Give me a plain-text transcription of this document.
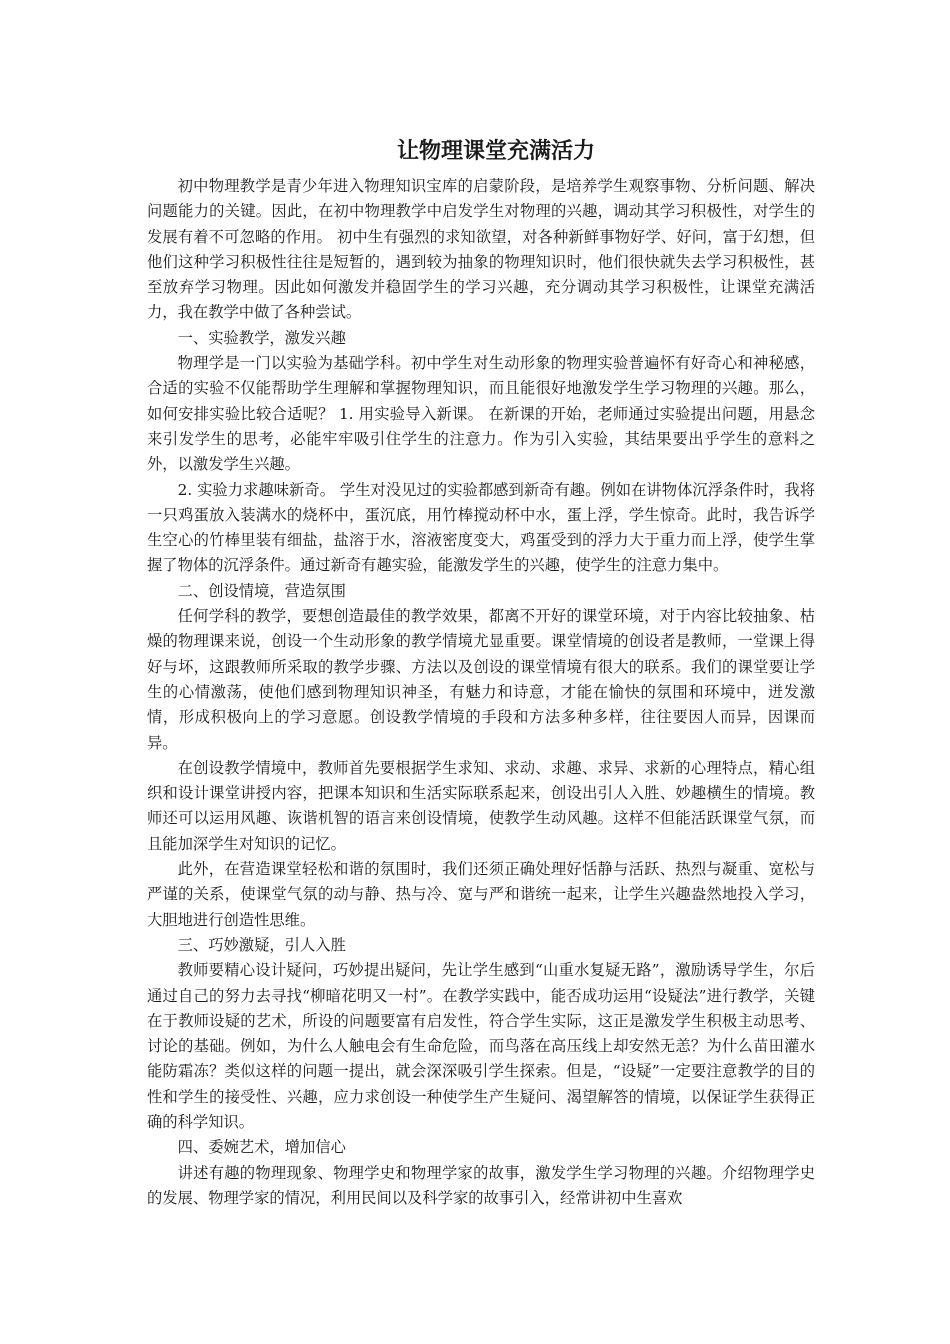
让物理课堂充满活力

初中物理教学是青少年进入物理知识宝库的启蒙阶段，是培养学生观察事物、分析问题、解决问题能力的关键。因此，在初中物理教学中启发学生对物理的兴趣，调动其学习积极性，对学生的发展有着不可忽略的作用。 初中生有强烈的求知欲望，对各种新鲜事物好学、好问，富于幻想，但他们这种学习积极性往往是短暂的，遇到较为抽象的物理知识时，他们很快就失去学习积极性，甚至放弃学习物理。因此如何激发并稳固学生的学习兴趣，充分调动其学习积极性，让课堂充满活力，我在教学中做了各种尝试。

一、实验教学，激发兴趣

物理学是一门以实验为基础学科。初中学生对生动形象的物理实验普遍怀有好奇心和神秘感，合适的实验不仅能帮助学生理解和掌握物理知识，而且能很好地激发学生学习物理的兴趣。那么，如何安排实验比较合适呢？ 1. 用实验导入新课。 在新课的开始，老师通过实验提出问题，用悬念来引发学生的思考，必能牢牢吸引住学生的注意力。作为引入实验，其结果要出乎学生的意料之外，以激发学生兴趣。

2. 实验力求趣味新奇。 学生对没见过的实验都感到新奇有趣。例如在讲物体沉浮条件时，我将一只鸡蛋放入装满水的烧杯中，蛋沉底，用竹棒搅动杯中水，蛋上浮，学生惊奇。此时，我告诉学生空心的竹棒里装有细盐，盐溶于水，溶液密度变大，鸡蛋受到的浮力大于重力而上浮，使学生掌握了物体的沉浮条件。通过新奇有趣实验，能激发学生的兴趣，使学生的注意力集中。

二、创设情境，营造氛围

任何学科的教学，要想创造最佳的教学效果，都离不开好的课堂环境，对于内容比较抽象、枯燥的物理课来说，创设一个生动形象的教学情境尤显重要。课堂情境的创设者是教师，一堂课上得好与坏，这跟教师所采取的教学步骤、方法以及创设的课堂情境有很大的联系。我们的课堂要让学生的心情激荡，使他们感到物理知识神圣，有魅力和诗意，才能在愉快的氛围和环境中，迸发激情，形成积极向上的学习意愿。创设教学情境的手段和方法多种多样，往往要因人而异，因课而异。

在创设教学情境中，教师首先要根据学生求知、求动、求趣、求异、求新的心理特点，精心组织和设计课堂讲授内容，把课本知识和生活实际联系起来，创设出引人入胜、妙趣横生的情境。教师还可以运用风趣、诙谐机智的语言来创设情境，使教学生动风趣。这样不但能活跃课堂气氛，而且能加深学生对知识的记忆。

此外，在营造课堂轻松和谐的氛围时，我们还须正确处理好恬静与活跃、热烈与凝重、宽松与严谨的关系，使课堂气氛的动与静、热与冷、宽与严和谐统一起来，让学生兴趣盎然地投入学习，大胆地进行创造性思维。

三、巧妙激疑，引人入胜

教师要精心设计疑问，巧妙提出疑问，先让学生感到“山重水复疑无路”，激励诱导学生，尔后通过自己的努力去寻找“柳暗花明又一村”。在教学实践中，能否成功运用“设疑法”进行教学，关键在于教师设疑的艺术，所设的问题要富有启发性，符合学生实际，这正是激发学生积极主动思考、讨论的基础。例如，为什么人触电会有生命危险，而鸟落在高压线上却安然无恙？为什么苗田灌水能防霜冻？类似这样的问题一提出，就会深深吸引学生探索。但是，“设疑”一定要注意教学的目的性和学生的接受性、兴趣，应力求创设一种使学生产生疑问、渴望解答的情境，以保证学生获得正确的科学知识。

四、委婉艺术，增加信心

讲述有趣的物理现象、物理学史和物理学家的故事，激发学生学习物理的兴趣。介绍物理学史的发展、物理学家的情况，利用民间以及科学家的故事引入，经常讲初中生喜欢
